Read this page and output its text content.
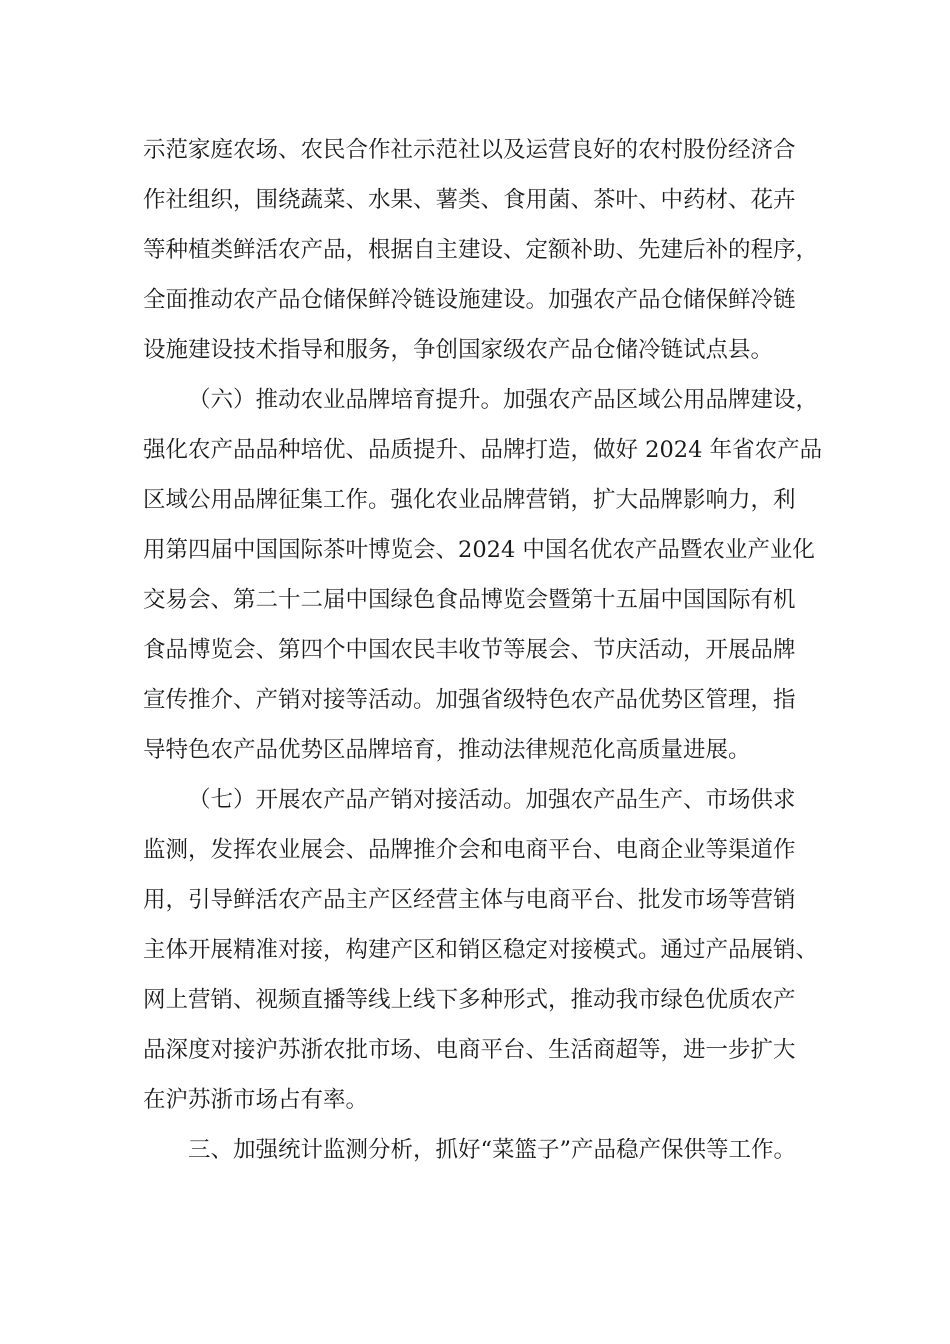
示范家庭农场、农民合作社示范社以及运营良好的农村股份经济合
作社组织，围绕蔬菜、水果、薯类、食用菌、茶叶、中药材、花卉
等种植类鲜活农产品，根据自主建设、定额补助、先建后补的程序，
全面推动农产品仓储保鲜冷链设施建设。加强农产品仓储保鲜冷链
设施建设技术指导和服务，争创国家级农产品仓储冷链试点县。
（六）推动农业品牌培育提升。加强农产品区域公用品牌建设，
强化农产品品种培优、品质提升、品牌打造，做好 2024 年省农产品
区域公用品牌征集工作。强化农业品牌营销，扩大品牌影响力，利
用第四届中国国际茶叶博览会、2024 中国名优农产品暨农业产业化
交易会、第二十二届中国绿色食品博览会暨第十五届中国国际有机
食品博览会、第四个中国农民丰收节等展会、节庆活动，开展品牌
宣传推介、产销对接等活动。加强省级特色农产品优势区管理，指
导特色农产品优势区品牌培育，推动法律规范化高质量进展。
（七）开展农产品产销对接活动。加强农产品生产、市场供求
监测，发挥农业展会、品牌推介会和电商平台、电商企业等渠道作
用，引导鲜活农产品主产区经营主体与电商平台、批发市场等营销
主体开展精准对接，构建产区和销区稳定对接模式。通过产品展销、
网上营销、视频直播等线上线下多种形式，推动我市绿色优质农产
品深度对接沪苏浙农批市场、电商平台、生活商超等，进一步扩大
在沪苏浙市场占有率。
三、加强统计监测分析，抓好“菜篮子”产品稳产保供等工作。
